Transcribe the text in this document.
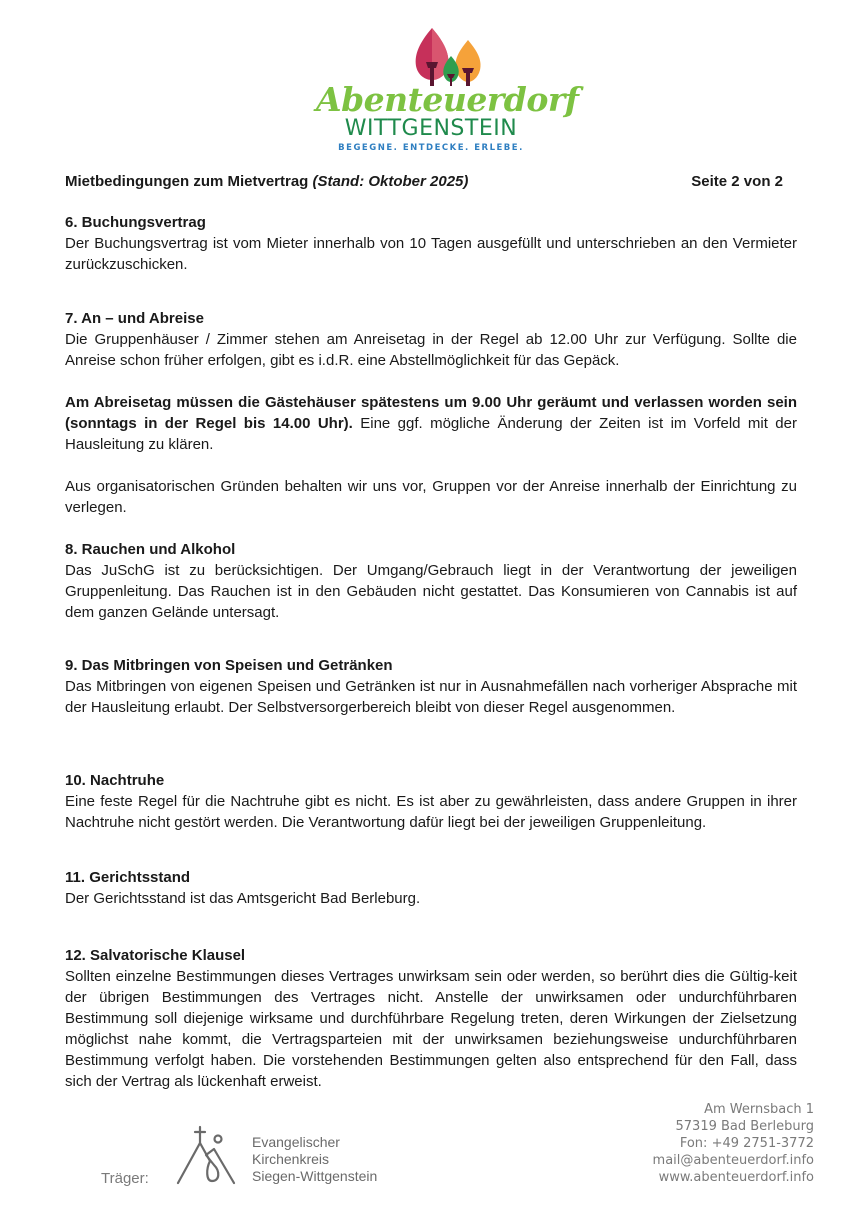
Abenteuerdorf
WITTGENSTEIN
BEGEGNE. ENTDECKE. ERLEBE.
Mietbedingungen zum Mietvertrag (Stand: Oktober 2025)	Seite 2 von 2
6. Buchungsvertrag

Der Buchungsvertrag ist vom Mieter innerhalb von 10 Tagen ausgefüllt und unterschrieben an den Vermieter zurückzuschicken.

7. An – und Abreise

Die Gruppenhäuser / Zimmer stehen am Anreisetag in der Regel ab 12.00 Uhr zur Verfügung. Sollte die Anreise schon früher erfolgen, gibt es i.d.R. eine Abstellmöglichkeit für das Gepäck.

Am Abreisetag müssen die Gästehäuser spätestens um 9.00 Uhr geräumt und verlassen worden sein (sonntags in der Regel bis 14.00 Uhr). Eine ggf. mögliche Änderung der Zeiten ist im Vorfeld mit der Hausleitung zu klären.

Aus organisatorischen Gründen behalten wir uns vor, Gruppen vor der Anreise innerhalb der Einrichtung zu verlegen.

8. Rauchen und Alkohol

Das JuSchG ist zu berücksichtigen. Der Umgang/Gebrauch liegt in der Verantwortung der jeweiligen Gruppenleitung. Das Rauchen ist in den Gebäuden nicht gestattet. Das Konsumieren von Cannabis ist auf dem ganzen Gelände untersagt.

9. Das Mitbringen von Speisen und Getränken

Das Mitbringen von eigenen Speisen und Getränken ist nur in Ausnahmefällen nach vorheriger Absprache mit der Hausleitung erlaubt. Der Selbstversorgerbereich bleibt von dieser Regel ausgenommen.

10. Nachtruhe

Eine feste Regel für die Nachtruhe gibt es nicht. Es ist aber zu gewährleisten, dass andere Gruppen in ihrer Nachtruhe nicht gestört werden. Die Verantwortung dafür liegt bei der jeweiligen Gruppenleitung.

11. Gerichtsstand

Der Gerichtsstand ist das Amtsgericht Bad Berleburg.

12. Salvatorische Klausel

Sollten einzelne Bestimmungen dieses Vertrages unwirksam sein oder werden, so berührt dies die Gültig-keit der übrigen Bestimmungen des Vertrages nicht. Anstelle der unwirksamen oder undurchführbaren Bestimmung soll diejenige wirksame und durchführbare Regelung treten, deren Wirkungen der Zielsetzung möglichst nahe kommt, die Vertragsparteien mit der unwirksamen beziehungsweise undurchführbaren Bestimmung verfolgt haben. Die vorstehenden Bestimmungen gelten also entsprechend für den Fall, dass sich der Vertrag als lückenhaft erweist.

Träger:
Evangelischer
Kirchenkreis
Siegen-Wittgenstein
Am Wernsbach 1
57319 Bad Berleburg
Fon: +49 2751-3772
mail@abenteuerdorf.info
www.abenteuerdorf.info
